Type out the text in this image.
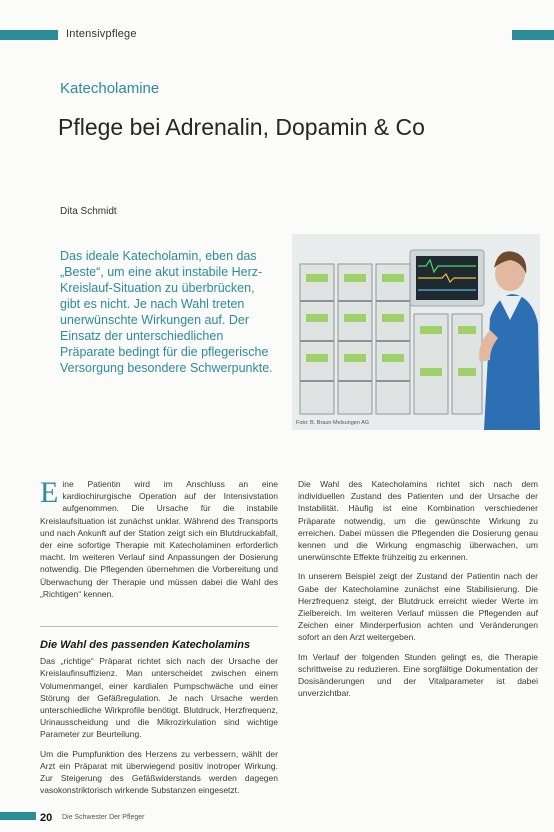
Intensivpflege
Katecholamine
Pflege bei Adrenalin, Dopamin & Co
Dita Schmidt
Das ideale Katecholamin, eben das „Beste“, um eine akut instabile Herz-Kreislauf-Situation zu überbrücken, gibt es nicht. Je nach Wahl treten unerwünschte Wirkungen auf. Der Einsatz der unterschiedlichen Präparate bedingt für die pflegerische Versorgung besondere Schwerpunkte.
Foto: B. Braun Melsungen AG

Eine Patientin wird im Anschluss an eine kardiochirurgische Operation auf der Intensivstation aufgenommen. Die Ursache für die instabile Kreislaufsituation ist zunächst unklar. Während des Transports und nach Ankunft auf der Station zeigt sich ein Blutdruckabfall, der eine sofortige Therapie mit Katecholaminen erforderlich macht. Im weiteren Verlauf sind Anpassungen der Dosierung notwendig. Die Pflegenden übernehmen die Vorbereitung und Überwachung der Therapie und müssen dabei die Wahl des „Richtigen“ kennen.

Die Wahl des passenden Katecholamins

Das „richtige“ Präparat richtet sich nach der Ursache der Kreislaufinsuffizienz. Man unterscheidet zwischen einem Volumenmangel, einer kardialen Pumpschwäche und einer Störung der Gefäßregulation. Je nach Ursache werden unterschiedliche Wirkprofile benötigt. Blutdruck, Herzfrequenz, Urinausscheidung und die Mikrozirkulation sind wichtige Parameter zur Beurteilung.

Um die Pumpfunktion des Herzens zu verbessern, wählt der Arzt ein Präparat mit überwiegend positiv inotroper Wirkung. Zur Steigerung des Gefäßwiderstands werden dagegen vasokonstriktorisch wirkende Substanzen eingesetzt.

Die Wahl des Katecholamins richtet sich nach dem individuellen Zustand des Patienten und der Ursache der Instabilität. Häufig ist eine Kombination verschiedener Präparate notwendig, um die gewünschte Wirkung zu erreichen. Dabei müssen die Pflegenden die Dosierung genau kennen und die Wirkung engmaschig überwachen, um unerwünschte Effekte frühzeitig zu erkennen.

In unserem Beispiel zeigt der Zustand der Patientin nach der Gabe der Katecholamine zunächst eine Stabilisierung. Die Herzfrequenz steigt, der Blutdruck erreicht wieder Werte im Zielbereich. Im weiteren Verlauf müssen die Pflegenden auf Zeichen einer Minderperfusion achten und Veränderungen sofort an den Arzt weitergeben.

Im Verlauf der folgenden Stunden gelingt es, die Therapie schrittweise zu reduzieren. Eine sorgfältige Dokumentation der Dosisänderungen und der Vitalparameter ist dabei unverzichtbar.

20 Die Schwester Der Pfleger
